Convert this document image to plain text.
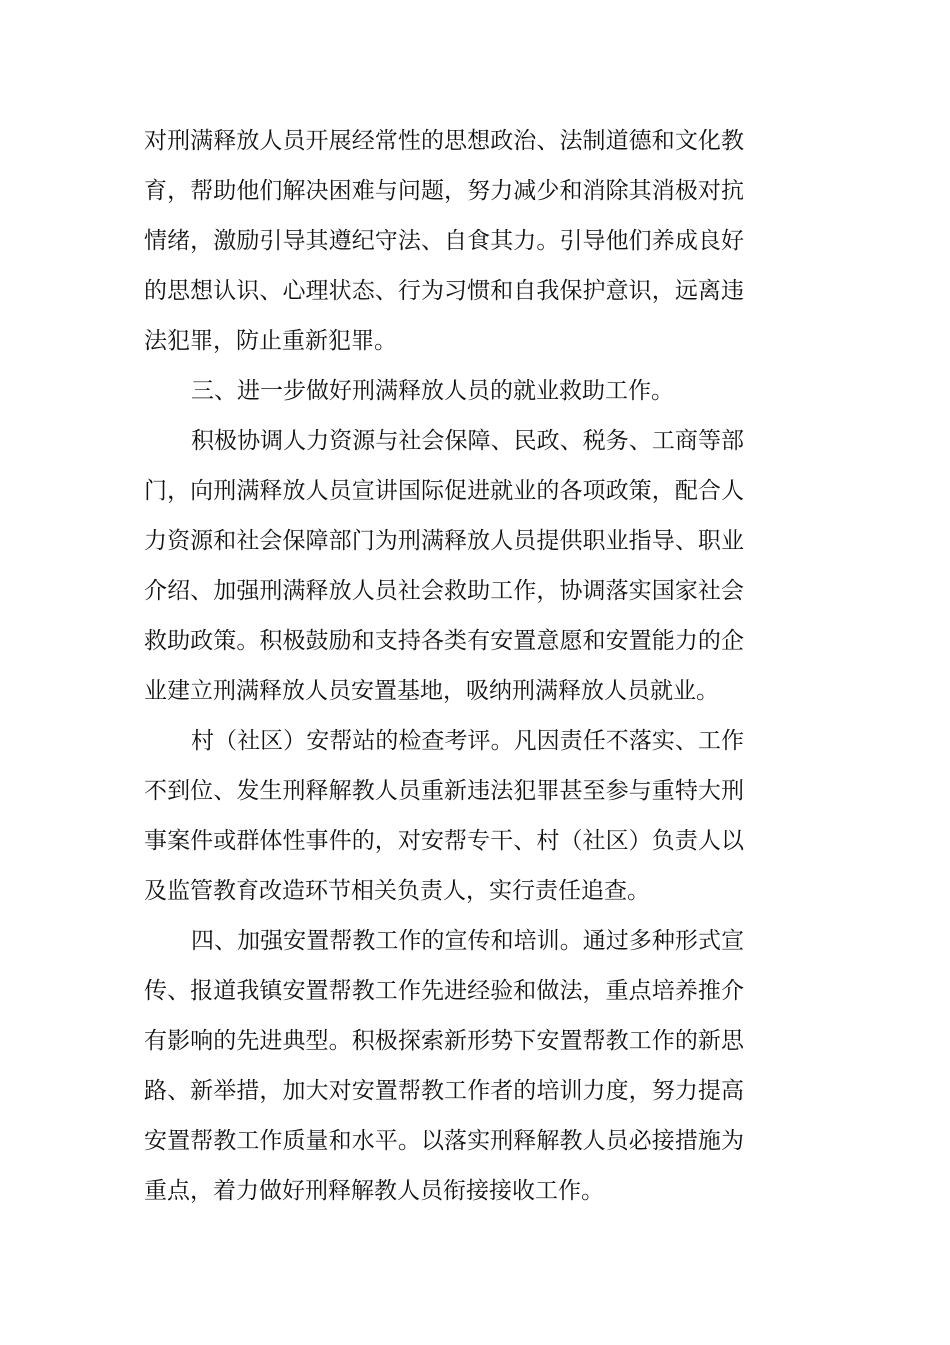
对刑满释放人员开展经常性的思想政治、法制道德和文化教
育，帮助他们解决困难与问题，努力减少和消除其消极对抗
情绪，激励引导其遵纪守法、自食其力。引导他们养成良好
的思想认识、心理状态、行为习惯和自我保护意识，远离违
法犯罪，防止重新犯罪。
三、进一步做好刑满释放人员的就业救助工作。
积极协调人力资源与社会保障、民政、税务、工商等部
门，向刑满释放人员宣讲国际促进就业的各项政策，配合人
力资源和社会保障部门为刑满释放人员提供职业指导、职业
介绍、加强刑满释放人员社会救助工作，协调落实国家社会
救助政策。积极鼓励和支持各类有安置意愿和安置能力的企
业建立刑满释放人员安置基地，吸纳刑满释放人员就业。
村（社区）安帮站的检查考评。凡因责任不落实、工作
不到位、发生刑释解教人员重新违法犯罪甚至参与重特大刑
事案件或群体性事件的，对安帮专干、村（社区）负责人以
及监管教育改造环节相关负责人，实行责任追查。
四、加强安置帮教工作的宣传和培训。通过多种形式宣
传、报道我镇安置帮教工作先进经验和做法，重点培养推介
有影响的先进典型。积极探索新形势下安置帮教工作的新思
路、新举措，加大对安置帮教工作者的培训力度，努力提高
安置帮教工作质量和水平。以落实刑释解教人员必接措施为
重点，着力做好刑释解教人员衔接接收工作。
